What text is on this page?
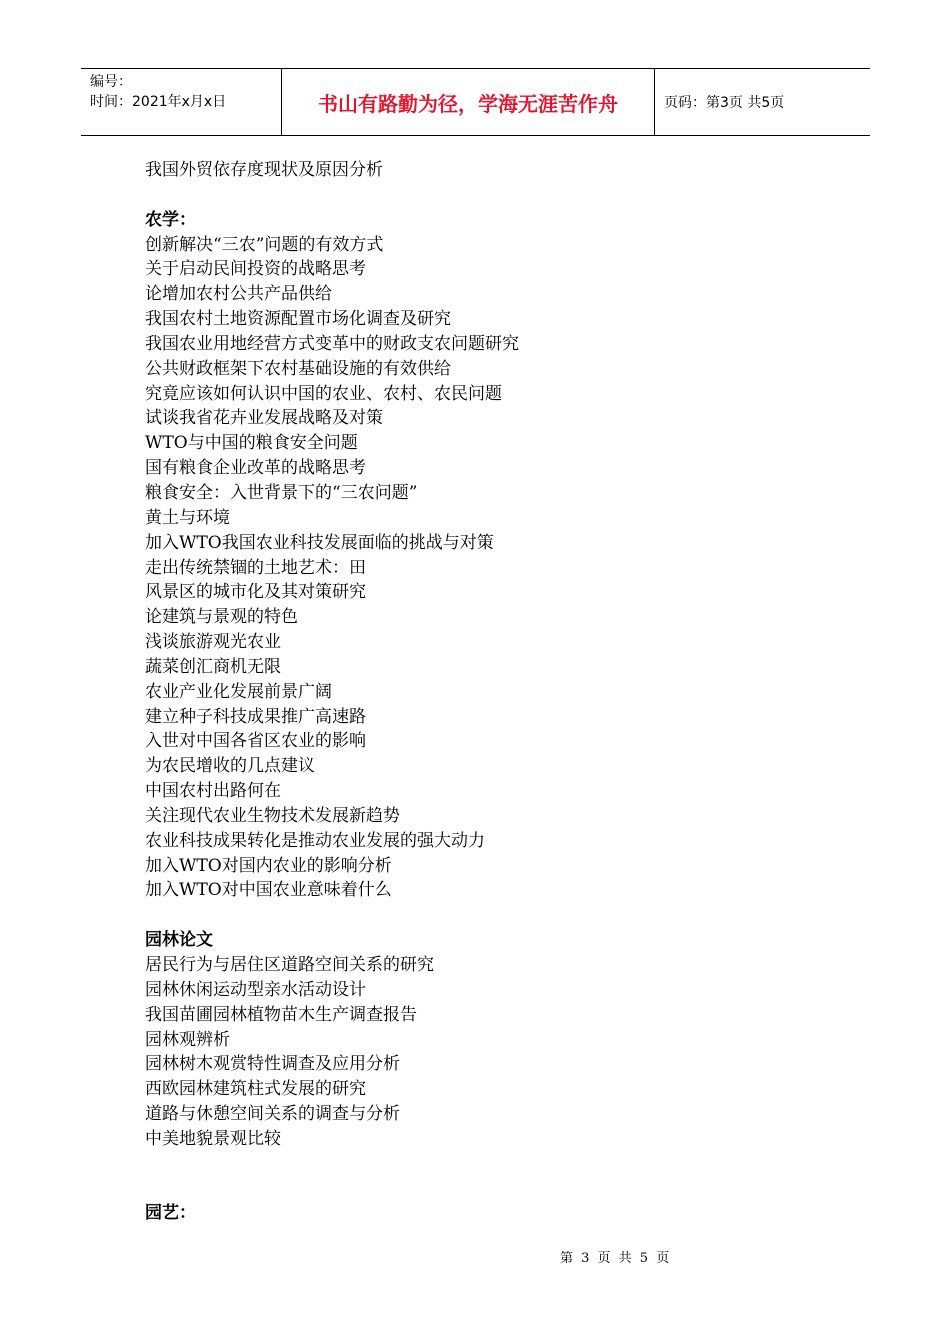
编号：
时间：2021年x月x日	书山有路勤为径，学海无涯苦作舟	页码：第3页 共5页
我国外贸依存度现状及原因分析
农学：
创新解决“三农”问题的有效方式
关于启动民间投资的战略思考
论增加农村公共产品供给
我国农村土地资源配置市场化调查及研究
我国农业用地经营方式变革中的财政支农问题研究
公共财政框架下农村基础设施的有效供给
究竟应该如何认识中国的农业、农村、农民问题
试谈我省花卉业发展战略及对策
WTO与中国的粮食安全问题
国有粮食企业改革的战略思考
粮食安全：入世背景下的“三农问题”
黄土与环境
加入WTO我国农业科技发展面临的挑战与对策
走出传统禁锢的土地艺术：田
风景区的城市化及其对策研究
论建筑与景观的特色
浅谈旅游观光农业
蔬菜创汇商机无限
农业产业化发展前景广阔
建立种子科技成果推广高速路
入世对中国各省区农业的影响
为农民增收的几点建议
中国农村出路何在
关注现代农业生物技术发展新趋势
农业科技成果转化是推动农业发展的强大动力
加入WTO对国内农业的影响分析
加入WTO对中国农业意味着什么
园林论文
居民行为与居住区道路空间关系的研究
园林休闲运动型亲水活动设计
我国苗圃园林植物苗木生产调查报告
园林观辨析
园林树木观赏特性调查及应用分析
西欧园林建筑柱式发展的研究
道路与休憩空间关系的调查与分析
中美地貌景观比较
园艺：
第 3 页 共 5 页
